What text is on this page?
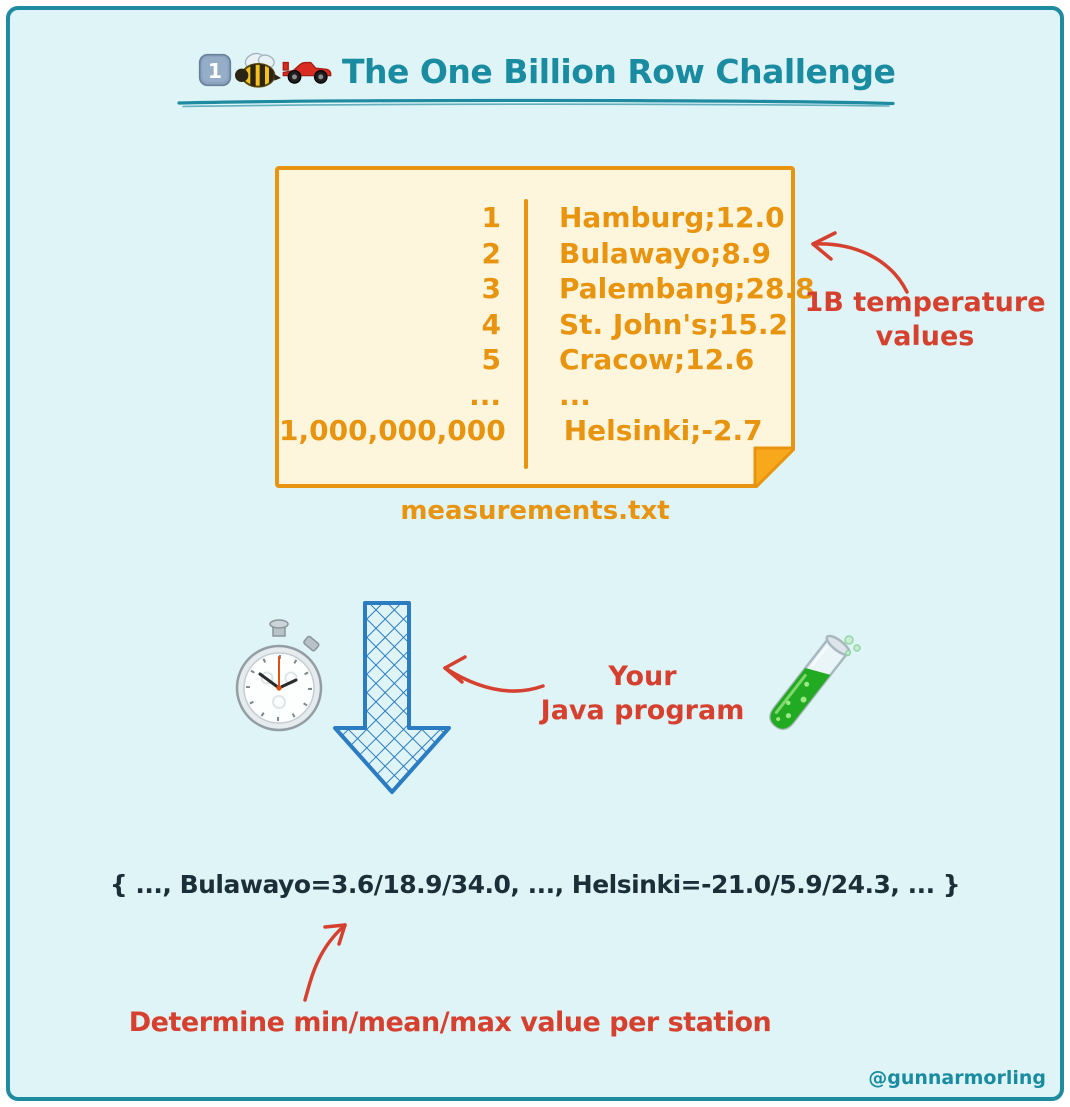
1	The One Billion Row Challenge
1 Hamburg;12.0
2 Bulawayo;8.9
3 Palembang;28.8
4 St. John's;15.2
5 Cracow;12.6
... ...
1,000,000,000 Helsinki;-2.7
measurements.txt
1B temperature
values
Your
Java program
{ ..., Bulawayo=3.6/18.9/34.0, ..., Helsinki=-21.0/5.9/24.3, ... }
Determine min/mean/max value per station
@gunnarmorling
